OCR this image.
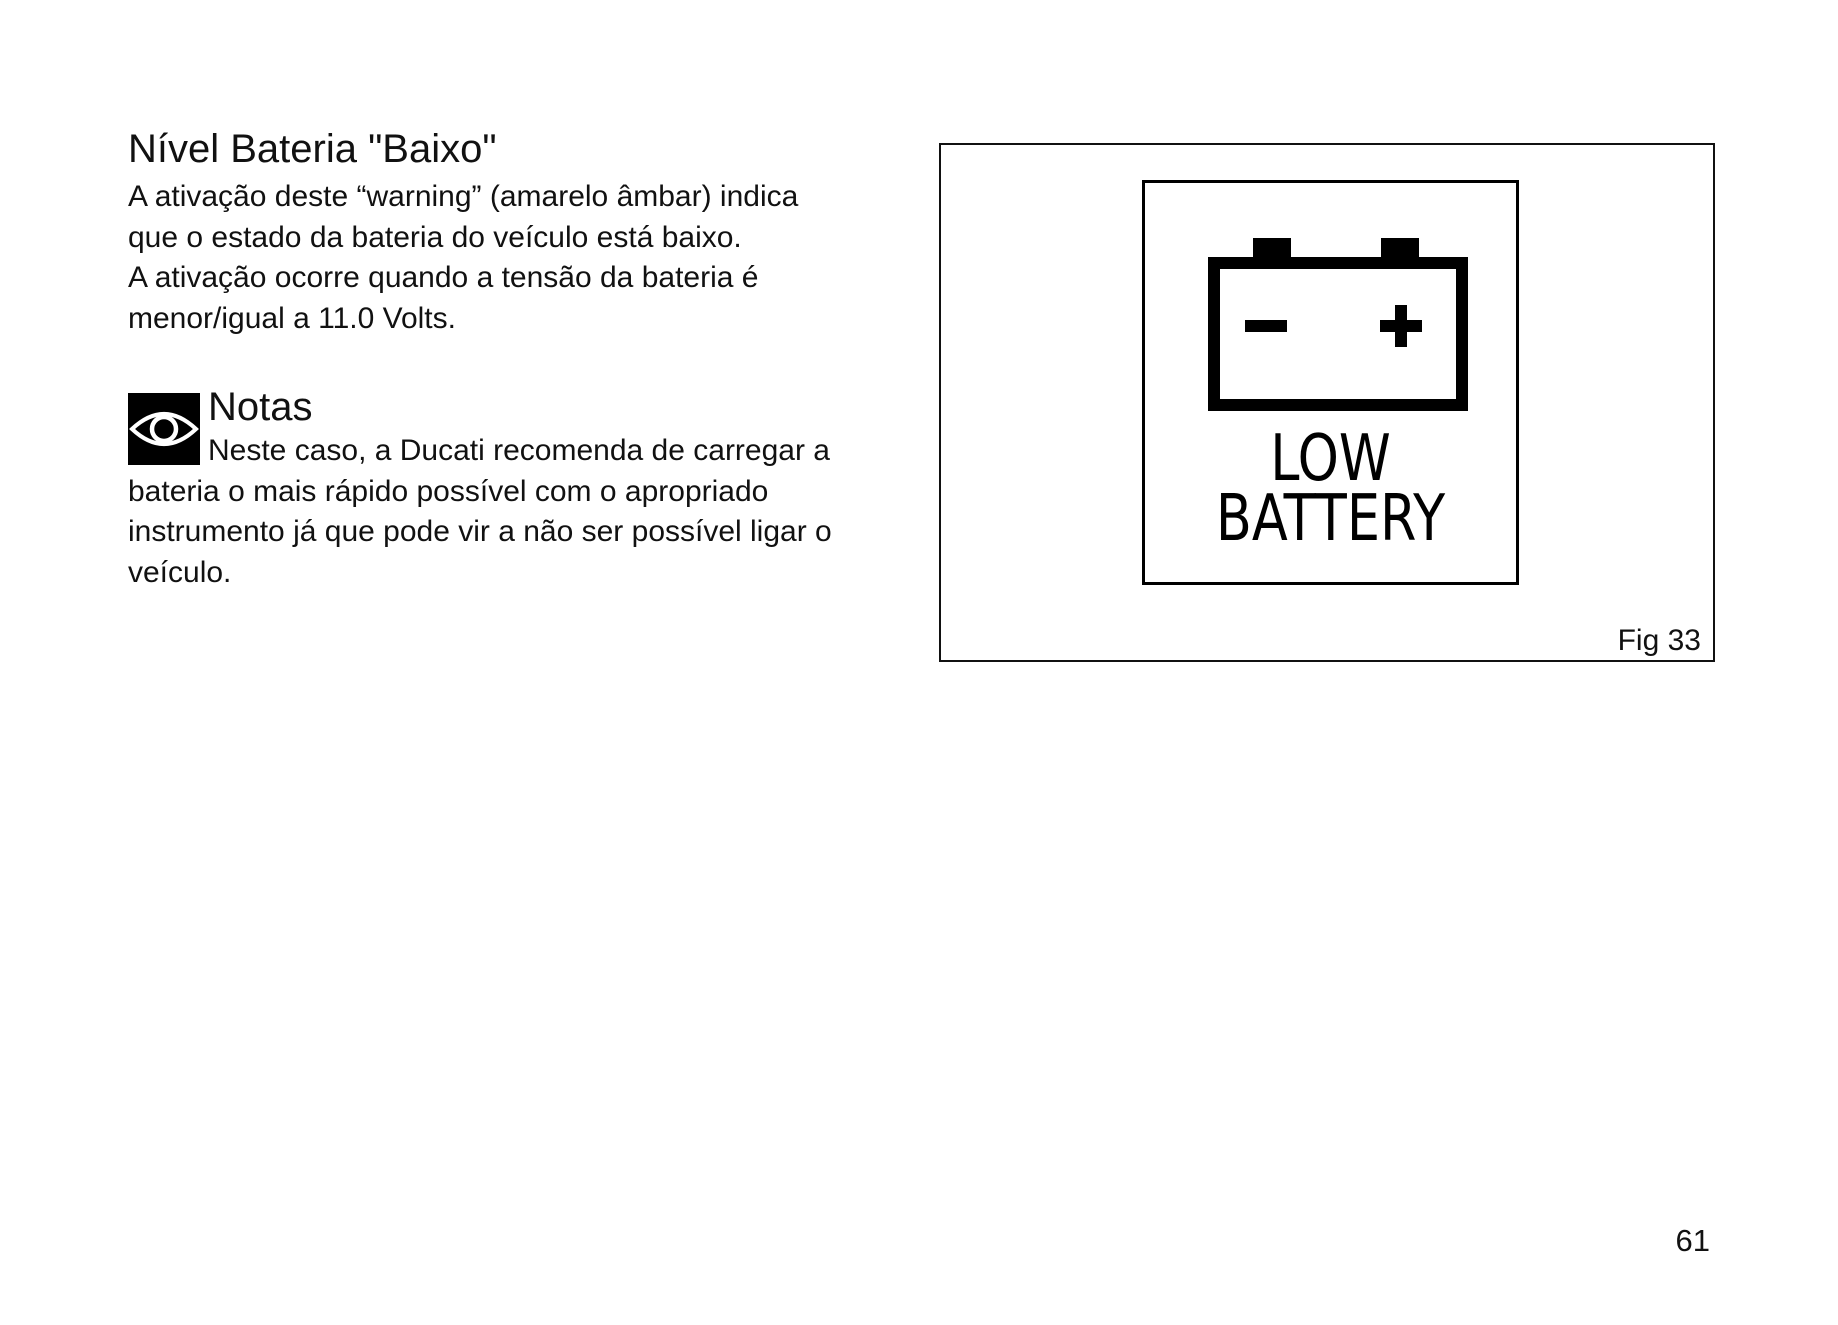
Nível Bateria "Baixo"

A ativação deste “warning” (amarelo âmbar) indica

que o estado da bateria do veículo está baixo.

A ativação ocorre quando a tensão da bateria é

menor/igual a 11.0 Volts.

Notas

Neste caso, a Ducati recomenda de carregar a

bateria o mais rápido possível com o apropriado

instrumento já que pode vir a não ser possível ligar o

veículo.

LOW
BATTERY
Fig 33
61
